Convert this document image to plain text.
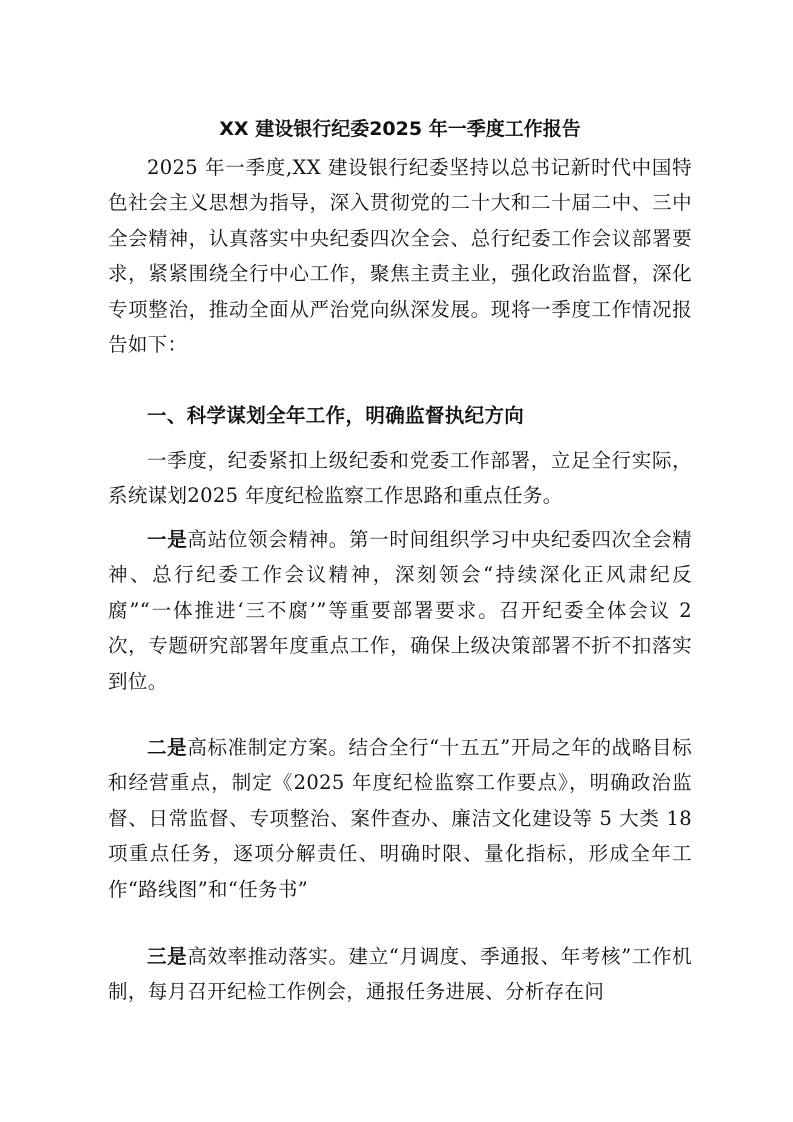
XX 建设银行纪委2025 年一季度工作报告

2025 年一季度,XX 建设银行纪委坚持以总书记新时代中国特色社会主义思想为指导，深入贯彻党的二十大和二十届二中、三中全会精神，认真落实中央纪委四次全会、总行纪委工作会议部署要求，紧紧围绕全行中心工作，聚焦主责主业，强化政治监督，深化专项整治，推动全面从严治党向纵深发展。现将一季度工作情况报告如下：

一、科学谋划全年工作，明确监督执纪方向

一季度，纪委紧扣上级纪委和党委工作部署，立足全行实际，系统谋划2025 年度纪检监察工作思路和重点任务。

一是高站位领会精神。第一时间组织学习中央纪委四次全会精神、总行纪委工作会议精神，深刻领会“持续深化正风肃纪反腐”“一体推进‘三不腐’”等重要部署要求。召开纪委全体会议 2 次，专题研究部署年度重点工作，确保上级决策部署不折不扣落实到位。

二是高标准制定方案。结合全行“十五五”开局之年的战略目标和经营重点，制定《2025 年度纪检监察工作要点》，明确政治监督、日常监督、专项整治、案件查办、廉洁文化建设等 5 大类 18 项重点任务，逐项分解责任、明确时限、量化指标，形成全年工作“路线图”和“任务书”

三是高效率推动落实。建立“月调度、季通报、年考核”工作机制，每月召开纪检工作例会，通报任务进展、分析存在问
